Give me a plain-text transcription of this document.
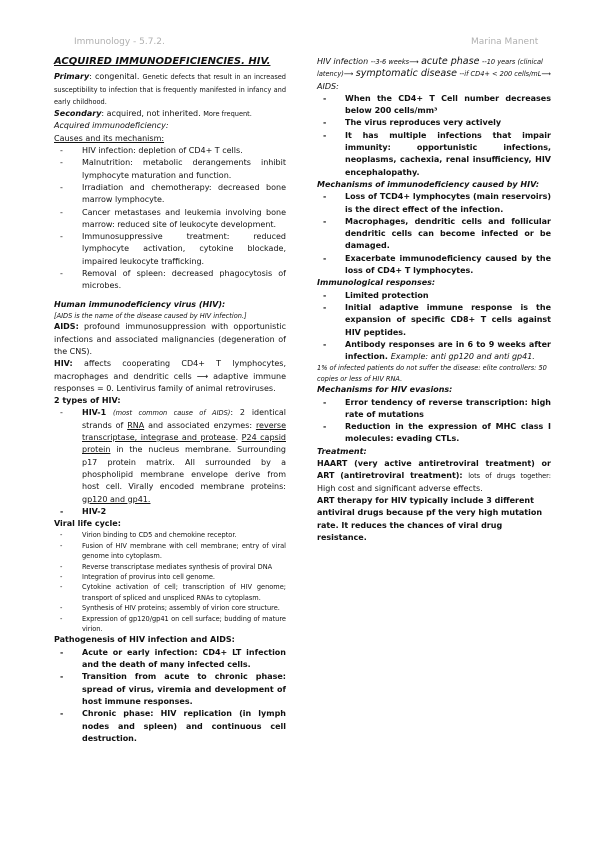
Immunology - 5.7.2.	Marina Manent

ACQUIRED IMMUNODEFICIENCIES. HIV.

Primary: congenital. Genetic defects that result in an increased susceptibility to infection that is frequently manifested in infancy and early childhood.

Secondary: acquired, not inherited. More frequent.

Acquired immunodeficiency:

Causes and its mechanism:

- HIV infection: depletion of CD4+ T cells.
- Malnutrition: metabolic derangements inhibit lymphocyte maturation and function.
- Irradiation and chemotherapy: decreased bone marrow lymphocyte.
- Cancer metastases and leukemia involving bone marrow: reduced site of leukocyte development.
- Immunosuppressive treatment: reduced lymphocyte activation, cytokine blockade, impaired leukocyte trafficking.
- Removal of spleen: decreased phagocytosis of microbes.

Human immunodeficiency virus (HIV):

[AIDS is the name of the disease caused by HIV infection.]

AIDS: profound immunosuppression with opportunistic infections and associated malignancies (degeneration of the CNS).

HIV: affects cooperating CD4+ T lymphocytes, macrophages and dendritic cells ⟶ adaptive immune responses = 0. Lentivirus family of animal retroviruses.

2 types of HIV:

- HIV-1 (most common cause of AIDS): 2 identical strands of RNA and associated enzymes: reverse transcriptase, integrase and protease. P24 capsid protein in the nucleus membrane. Surrounding p17 protein matrix. All surrounded by a phospholipid membrane envelope derive from host cell. Virally encoded membrane proteins: gp120 and gp41.
- HIV-2

Viral life cycle:

- Virion binding to CD5 and chemokine receptor.
- Fusion of HIV membrane with cell membrane; entry of viral genome into cytoplasm.
- Reverse transcriptase mediates synthesis of proviral DNA
- Integration of provirus into cell genome.
- Cytokine activation of cell; transcription of HIV genome; transport of spliced and unspliced RNAs to cytoplasm.
- Synthesis of HIV proteins; assembly of virion core structure.
- Expression of gp120/gp41 on cell surface; budding of mature virion.

Pathogenesis of HIV infection and AIDS:

- Acute or early infection: CD4+ LT infection and the death of many infected cells.
- Transition from acute to chronic phase: spread of virus, viremia and development of host immune responses.
- Chronic phase: HIV replication (in lymph nodes and spleen) and continuous cell destruction.

HIV infection --3-6 weeks⟶ acute phase --10 years (clinical latency)⟶ symptomatic disease --if CD4+ < 200 cells/mL⟶ AIDS:

- When the CD4+ T Cell number decreases below 200 cells/mm³
- The virus reproduces very actively
- It has multiple infections that impair immunity: opportunistic infections, neoplasms, cachexia, renal insufficiency, HIV encephalopathy.

Mechanisms of immunodeficiency caused by HIV:

- Loss of TCD4+ lymphocytes (main reservoirs) is the direct effect of the infection.
- Macrophages, dendritic cells and follicular dendritic cells can become infected or be damaged.
- Exacerbate immunodeficiency caused by the loss of CD4+ T lymphocytes.

Immunological responses:

- Limited protection
- Initial adaptive immune response is the expansion of specific CD8+ T cells against HIV peptides.
- Antibody responses are in 6 to 9 weeks after infection. Example: anti gp120 and anti gp41.

1% of infected patients do not suffer the disease: elite controllers: 50 copies or less of HIV RNA.

Mechanisms for HIV evasions:

- Error tendency of reverse transcription: high rate of mutations
- Reduction in the expression of MHC class I molecules: evading CTLs.

Treatment:

HAART (very active antiretroviral treatment) or ART (antiretroviral treatment): lots of drugs together: High cost and significant adverse effects.

ART therapy for HIV typically include 3 different antiviral drugs because pf the very high mutation rate. It reduces the chances of viral drug resistance.
